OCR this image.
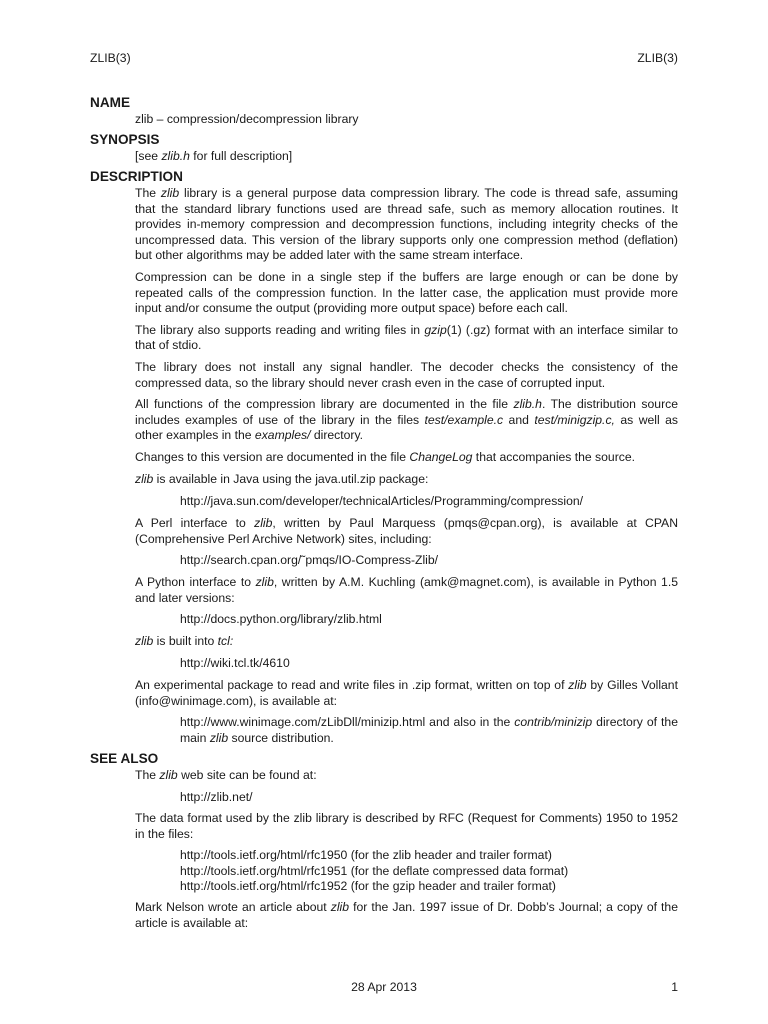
ZLIB(3)	ZLIB(3)
NAME
zlib – compression/decompression library
SYNOPSIS
[see zlib.h for full description]
DESCRIPTION

The zlib library is a general purpose data compression library. The code is thread safe, assuming that the standard library functions used are thread safe, such as memory allocation routines. It provides in-memory compression and decompression functions, including integrity checks of the uncompressed data. This version of the library supports only one compression method (deflation) but other algorithms may be added later with the same stream interface.

Compression can be done in a single step if the buffers are large enough or can be done by repeated calls of the compression function. In the latter case, the application must provide more input and/or consume the output (providing more output space) before each call.

The library also supports reading and writing files in gzip(1) (.gz) format with an interface similar to that of stdio.

The library does not install any signal handler. The decoder checks the consistency of the compressed data, so the library should never crash even in the case of corrupted input.

All functions of the compression library are documented in the file zlib.h. The distribution source includes examples of use of the library in the files test/example.c and test/minigzip.c, as well as other examples in the examples/ directory.

Changes to this version are documented in the file ChangeLog that accompanies the source.

zlib is available in Java using the java.util.zip package:

http://java.sun.com/developer/technicalArticles/Programming/compression/
A Perl interface to zlib, written by Paul Marquess (pmqs@cpan.org), is available at CPAN (Comprehensive Perl Archive Network) sites, including:
http://search.cpan.org/˜pmqs/IO-Compress-Zlib/
A Python interface to zlib, written by A.M. Kuchling (amk@magnet.com), is available in Python 1.5 and later versions:
http://docs.python.org/library/zlib.html
zlib is built into tcl:
http://wiki.tcl.tk/4610
An experimental package to read and write files in .zip format, written on top of zlib by Gilles Vollant (info@winimage.com), is available at:
http://www.winimage.com/zLibDll/minizip.html and also in the contrib/minizip directory of the main zlib source distribution.
SEE ALSO
The zlib web site can be found at:
http://zlib.net/
The data format used by the zlib library is described by RFC (Request for Comments) 1950 to 1952 in the files:
http://tools.ietf.org/html/rfc1950 (for the zlib header and trailer format)
http://tools.ietf.org/html/rfc1951 (for the deflate compressed data format)
http://tools.ietf.org/html/rfc1952 (for the gzip header and trailer format)
Mark Nelson wrote an article about zlib for the Jan. 1997 issue of Dr. Dobb’s Journal; a copy of the article is available at:
28 Apr 2013	1
